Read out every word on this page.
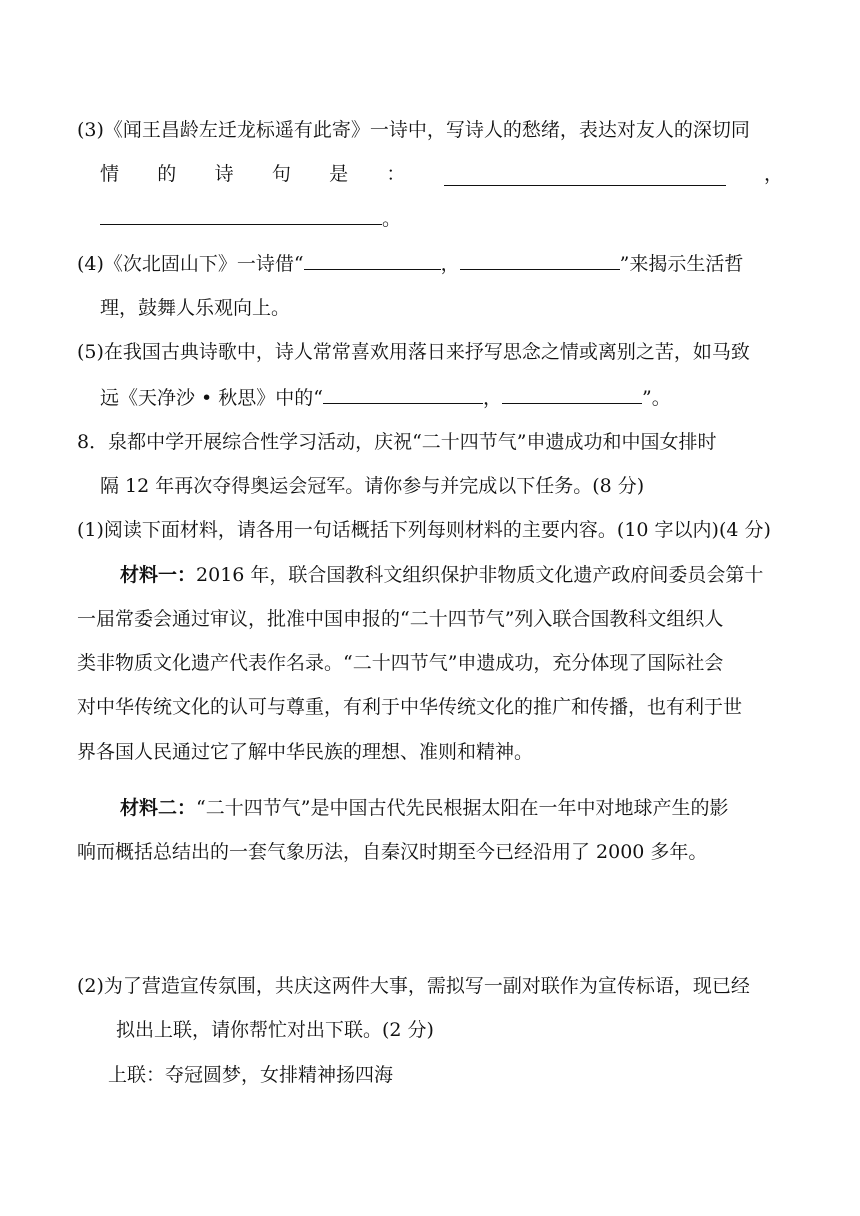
(3)《闻王昌龄左迁龙标遥有此寄》一诗中，写诗人的愁绪，表达对友人的深切同
情 的 诗 句 是 ：	，
。
(4)《次北固山下》一诗借“	，	”来揭示生活哲
理，鼓舞人乐观向上。
(5)在我国古典诗歌中，诗人常常喜欢用落日来抒写思念之情或离别之苦，如马致
远《天净沙 • 秋思》中的“	，	”。
8．泉都中学开展综合性学习活动，庆祝“二十四节气”申遗成功和中国女排时
隔 12 年再次夺得奥运会冠军。请你参与并完成以下任务。(8 分)
(1)阅读下面材料，请各用一句话概括下列每则材料的主要内容。(10 字以内)(4 分)
材料一：2016 年，联合国教科文组织保护非物质文化遗产政府间委员会第十
一届常委会通过审议，批准中国申报的“二十四节气”列入联合国教科文组织人
类非物质文化遗产代表作名录。“二十四节气”申遗成功，充分体现了国际社会
对中华传统文化的认可与尊重，有利于中华传统文化的推广和传播，也有利于世
界各国人民通过它了解中华民族的理想、准则和精神。
材料二：“二十四节气”是中国古代先民根据太阳在一年中对地球产生的影
响而概括总结出的一套气象历法，自秦汉时期至今已经沿用了 2000 多年。
(2)为了营造宣传氛围，共庆这两件大事，需拟写一副对联作为宣传标语，现已经
拟出上联，请你帮忙对出下联。(2 分)
上联：夺冠圆梦，女排精神扬四海
